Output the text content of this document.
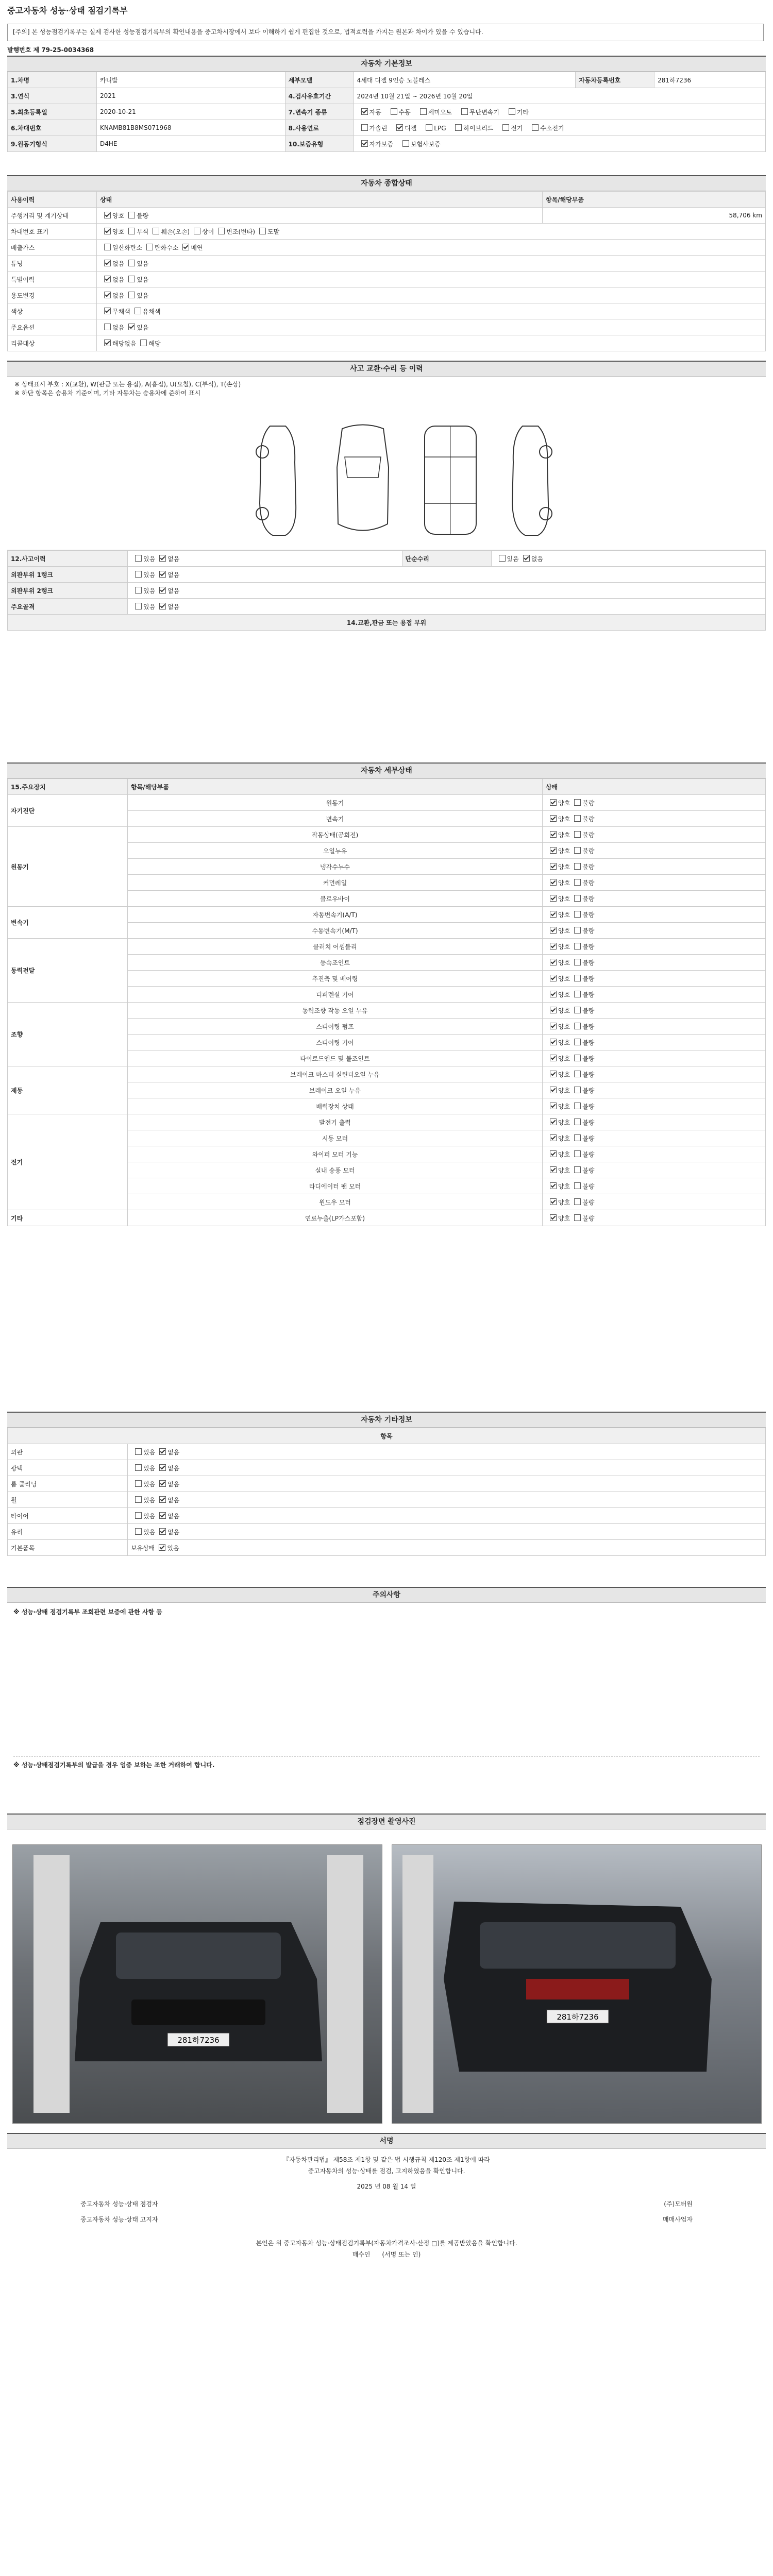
중고자동차 성능·상태 점검기록부
[주의] 본 성능점검기록부는 실제 검사한 성능점검기록부의 확인내용을 중고차시장에서 보다 이해하기 쉽게 편집한 것으로, 법적효력을 가지는 원본과 차이가 있을 수 있습니다.
발행번호 제 79-25-0034368
자동차 기본정보
1.차명	카니발	세부모델	4세대 디젤 9인승 노블레스	자동차등록번호	281하7236
3.연식	2021	4.검사유효기간	2024년 10월 21일 ~ 2026년 10월 20일		
5.최초등록일	2020-10-21	7.변속기 종류	자동 수동 세미오토 무단변속기 기타		
6.차대번호	KNAMB81B8MS071968	8.사용연료	가솔린 디젤 LPG 하이브리드 전기 수소전기		
9.원동기형식	D4HE	10.보증유형	자가보증 보험사보증		
자동차 종합상태
사용이력	상태	항목/해당부품
주행거리 및 계기상태	양호 불량	58,706 km
차대번호 표기	양호 부식 훼손(오손) 상이 변조(변타) 도말	
배출가스	일산화탄소 탄화수소 매연	
튜닝	없음 있음	
특별이력	없음 있음	
용도변경	없음 있음	
색상	무채색 유채색	
주요옵션	없음 있음	
리콜대상	해당없음 해당	
사고 교환·수리 등 이력
※ 상태표시 부호 : X(교환), W(판금 또는 용접), A(흠집), U(요철), C(부식), T(손상)
※ 하단 항목은 승용차 기준이며, 기타 자동차는 승용차에 준하여 표시
12.사고이력	있음 없음	단순수리	있음 없음
외판부위 1랭크	있음 없음		
외판부위 2랭크	있음 없음		
주요골격	있음 없음		
14.교환,판금 또는 용접 부위			
자동차 세부상태
15.주요장치	항목/해당부품	상태
자기진단	원동기	양호 불량
	변속기	양호 불량
원동기	작동상태(공회전)	양호 불량
	오일누유	양호 불량
	냉각수누수	양호 불량
	커먼레일	양호 불량
	블로우바이	양호 불량
변속기	자동변속기(A/T)	양호 불량
	수동변속기(M/T)	양호 불량
동력전달	클러치 어셈블리	양호 불량
	등속조인트	양호 불량
	추진축 및 베어링	양호 불량
	디퍼렌셜 기어	양호 불량
조향	동력조향 작동 오일 누유	양호 불량
	스티어링 펌프	양호 불량
	스티어링 기어	양호 불량
	타이로드엔드 및 볼조인트	양호 불량
제동	브레이크 마스터 실린더오일 누유	양호 불량
	브레이크 오일 누유	양호 불량
	배력장치 상태	양호 불량
전기	발전기 출력	양호 불량
	시동 모터	양호 불량
	와이퍼 모터 기능	양호 불량
	실내 송풍 모터	양호 불량
	라디에이터 팬 모터	양호 불량
	윈도우 모터	양호 불량
기타	연료누출(LP가스포함)	양호 불량
자동차 기타정보
항목	
외판	있음 없음
광택	있음 없음
룸 클리닝	있음 없음
휠	있음 없음
타이어	있음 없음
유리	있음 없음
기본품목	보유상태 있음
주의사항
※ 성능·상태 점검기록부 조회관련 보증에 관한 사항 등
※ 성능·상태점검기록부의 발급을 경우 엄중 보하는 조한 거래하여 합니다.
점검장면 촬영사진
281하7236
281하7236
서명
『자동차관리법』 제58조 제1항 및 같은 법 시행규칙 제120조 제1항에 따라
중고자동차의 성능·상태를 점검, 고지하였음을 확인합니다.
2025 년 08 월 14 일
중고자동차 성능·상태 점검자	(주)모터원
중고자동차 성능·상태 고지자	매매사업자
본인은 위 중고자동차 성능·상태점검기록부(자동차가격조사·산정 □)를 제공받았음을 확인합니다.
매수인 (서명 또는 인)
